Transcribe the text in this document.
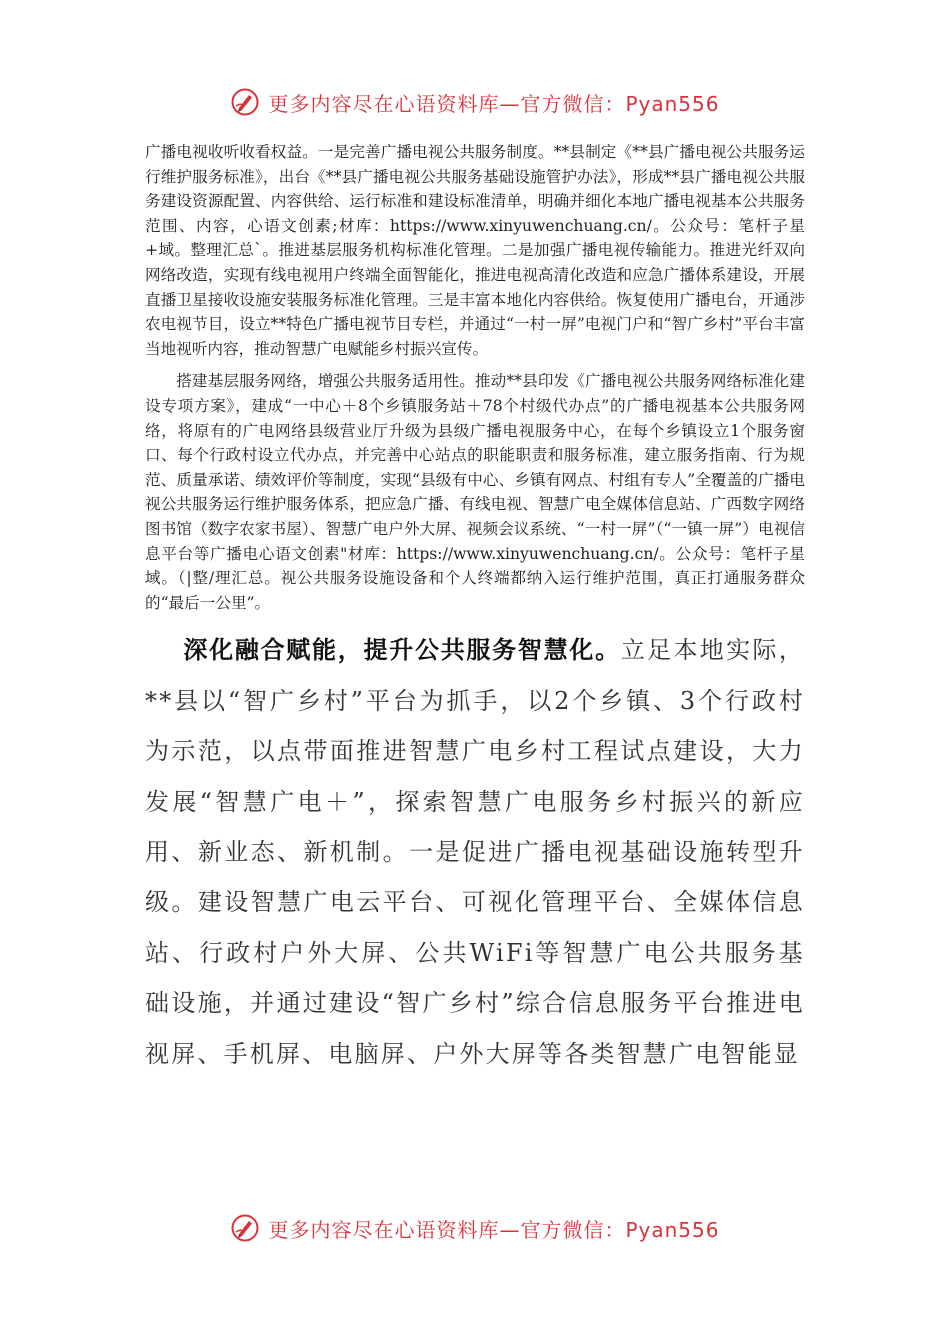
更多内容尽在心语资料库—官方微信：Pyan556

广播电视收听收看权益。一是完善广播电视公共服务制度。**县制定《**县广播电视公共服务运行维护服务标准》，出台《**县广播电视公共服务基础设施管护办法》，形成**县广播电视公共服务建设资源配置、内容供给、运行标准和建设标准清单，明确并细化本地广播电视基本公共服务范围、内容，心语文创素;材库：https://www.xinyuwenchuang.cn/。公众号：笔杆子星+域。整理汇总`。推进基层服务机构标准化管理。二是加强广播电视传输能力。推进光纤双向网络改造，实现有线电视用户终端全面智能化，推进电视高清化改造和应急广播体系建设，开展直播卫星接收设施安装服务标准化管理。三是丰富本地化内容供给。恢复使用广播电台，开通涉农电视节目，设立**特色广播电视节目专栏，并通过“一村一屏”电视门户和“智广乡村”平台丰富当地视听内容，推动智慧广电赋能乡村振兴宣传。

搭建基层服务网络，增强公共服务适用性。推动**县印发《广播电视公共服务网络标准化建设专项方案》，建成“一中心＋8个乡镇服务站＋78个村级代办点”的广播电视基本公共服务网络，将原有的广电网络县级营业厅升级为县级广播电视服务中心，在每个乡镇设立1个服务窗口、每个行政村设立代办点，并完善中心站点的职能职责和服务标准，建立服务指南、行为规范、质量承诺、绩效评价等制度，实现“县级有中心、乡镇有网点、村组有专人”全覆盖的广播电视公共服务运行维护服务体系，把应急广播、有线电视、智慧广电全媒体信息站、广西数字网络图书馆（数字农家书屋）、智慧广电户外大屏、视频会议系统、“一村一屏”（“一镇一屏”）电视信息平台等广播电心语文创素"材库：https://www.xinyuwenchuang.cn/。公众号：笔杆子星域。（|整/理汇总。视公共服务设施设备和个人终端都纳入运行维护范围，真正打通服务群众的“最后一公里”。

深化融合赋能，提升公共服务智慧化。立足本地实际，**县以“智广乡村”平台为抓手，以2个乡镇、3个行政村为示范，以点带面推进智慧广电乡村工程试点建设，大力发展“智慧广电＋”，探索智慧广电服务乡村振兴的新应用、新业态、新机制。一是促进广播电视基础设施转型升级。建设智慧广电云平台、可视化管理平台、全媒体信息站、行政村户外大屏、公共WiFi等智慧广电公共服务基础设施，并通过建设“智广乡村”综合信息服务平台推进电视屏、手机屏、电脑屏、户外大屏等各类智慧广电智能显

更多内容尽在心语资料库—官方微信：Pyan556
